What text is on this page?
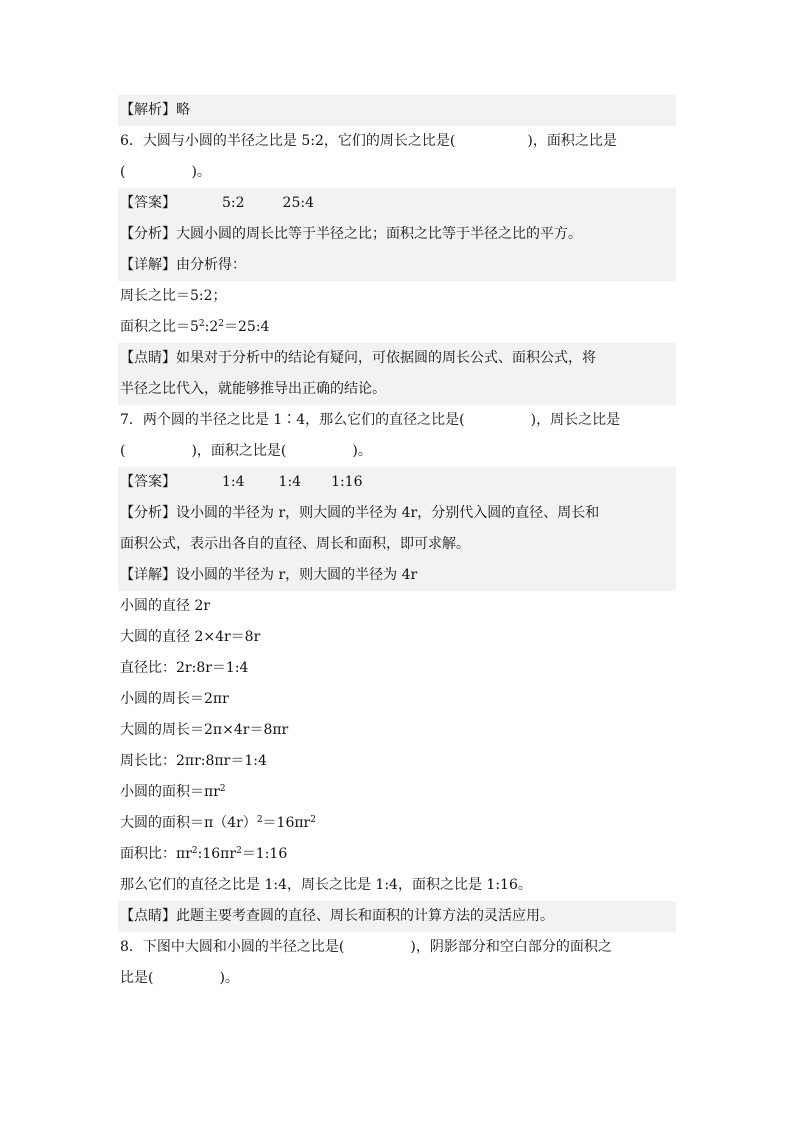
【解析】略
6．大圆与小圆的半径之比是 5:2，它们的周长之比是(	)，面积之比是
(	)。
【答案】	5:2	25:4
【分析】大圆小圆的周长比等于半径之比；面积之比等于半径之比的平方。
【详解】由分析得：
周长之比＝5:2；
面积之比$=5^2:2^2=25:4$
【点睛】如果对于分析中的结论有疑问，可依据圆的周长公式、面积公式，将
半径之比代入，就能够推导出正确的结论。
7．两个圆的半径之比是 1∶4，那么它们的直径之比是(	)，周长之比是
(	)，面积之比是(	)。
【答案】	1:4 1:4 1:16
【分析】设小圆的半径为 r，则大圆的半径为 4r，分别代入圆的直径、周长和
面积公式，表示出各自的直径、周长和面积，即可求解。
【详解】设小圆的半径为 r，则大圆的半径为 4r
小圆的直径 2r
大圆的直径 2×4r＝8r
直径比：2r:8r＝1:4
小圆的周长＝2πr
大圆的周长＝2π×4r＝8πr
周长比：2πr:8πr＝1:4
小圆的面积$=\pi r^2$
大圆的面积$=\pi(4r)^2=16\pi r^2$
面积比：$\pi r^2:16\pi r^2=1:16$
那么它们的直径之比是 1:4，周长之比是 1:4，面积之比是 1:16。
【点睛】此题主要考查圆的直径、周长和面积的计算方法的灵活应用。
8．下图中大圆和小圆的半径之比是(	)，阴影部分和空白部分的面积之
比是(	)。
